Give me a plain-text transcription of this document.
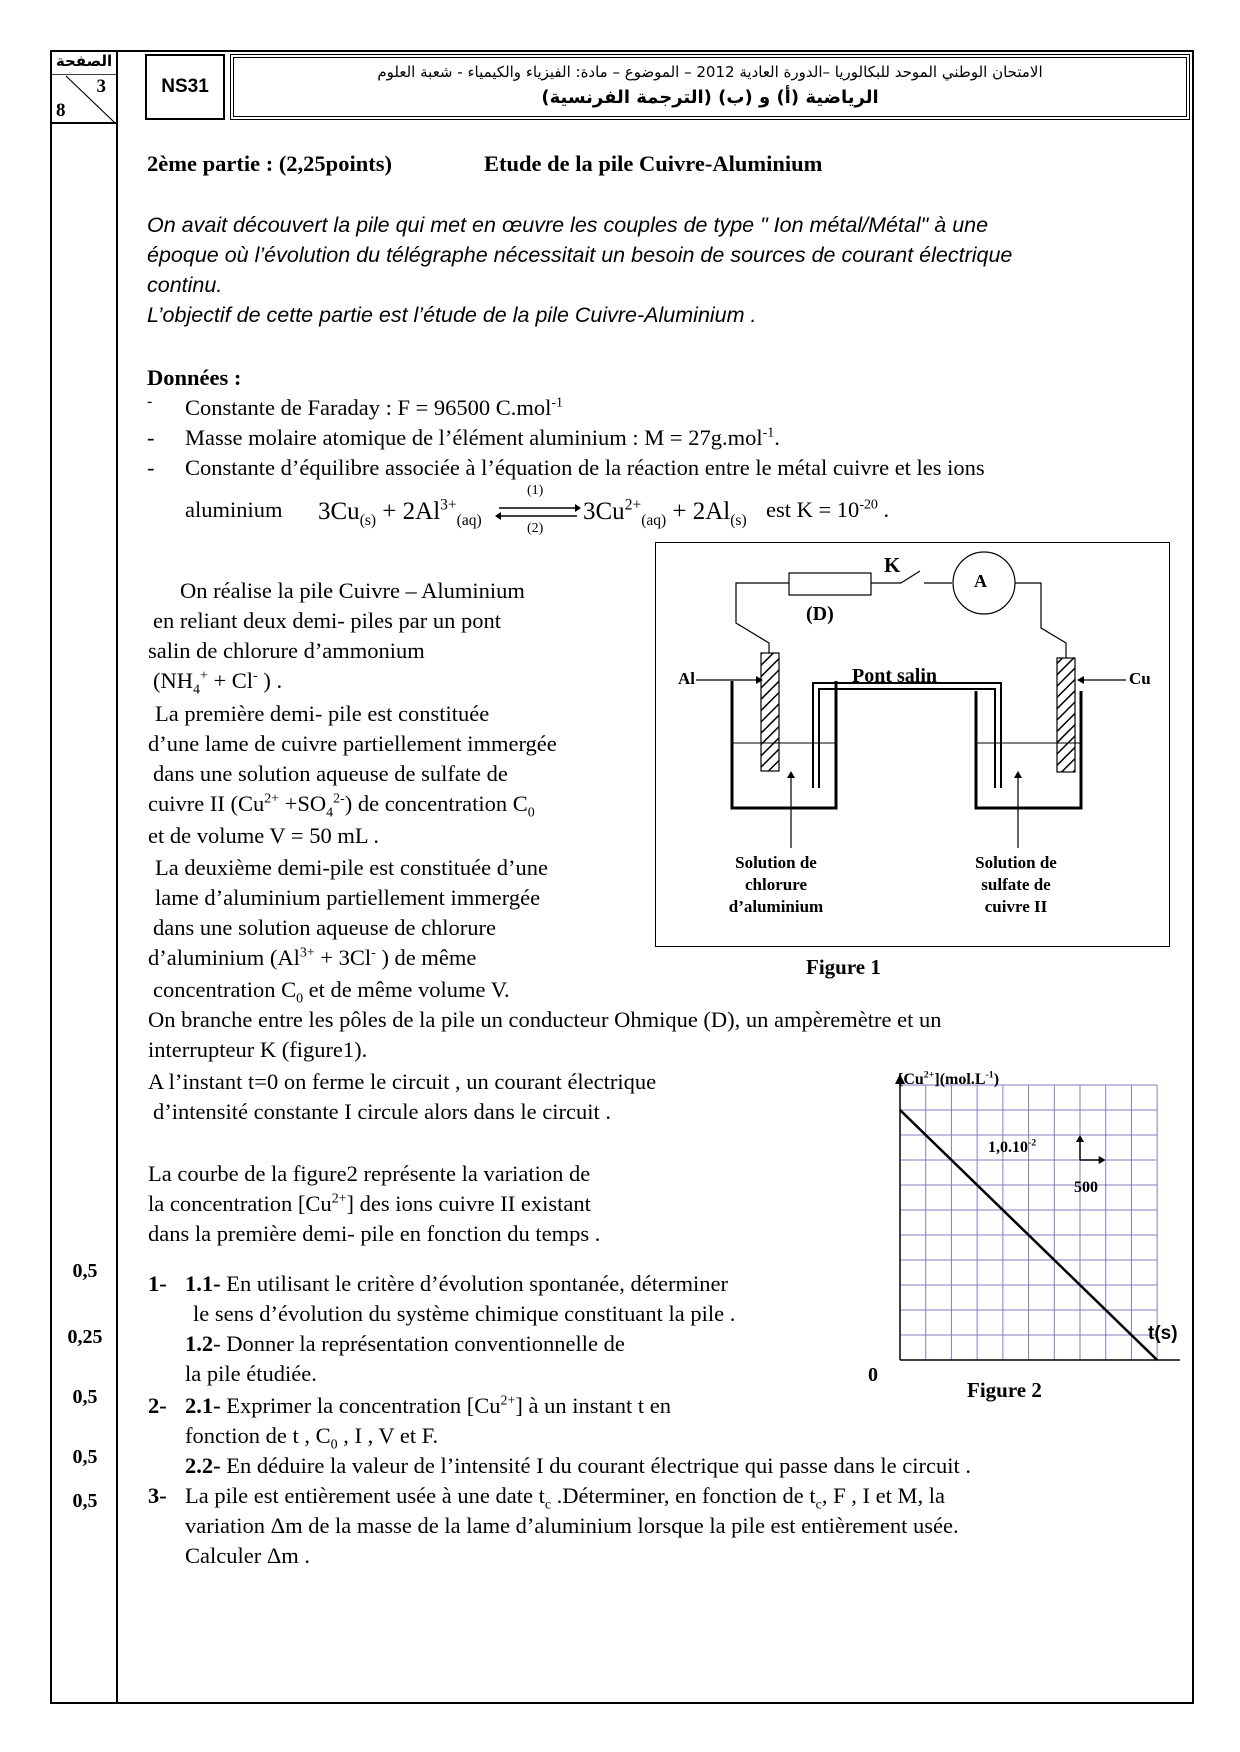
الصفحة
3
8
NS31
الامتحان الوطني الموحد للبكالوريا –الدورة العادية 2012 – الموضوع – مادة: الفيزياء والكيمياء - شعبة العلوم
الرياضية (أ) و (ب) (الترجمة الفرنسية)
2ème partie : (2,25points)	Etude de la pile Cuivre-Aluminium
On avait découvert la pile qui met en œuvre les couples de type " Ion métal/Métal" à une
époque où l’évolution du télégraphe nécessitait un besoin de sources de courant électrique
continu.
L’objectif de cette partie est l’étude de la pile Cuivre-Aluminium .
Données :
- Constante de Faraday : F = 96500 C.mol$^{-1}$
- Masse molaire atomique de l’élément aluminium : M = 27g.mol$^{-1}$.
- Constante d’équilibre associée à l’équation de la réaction entre le métal cuivre et les ions
aluminium $3Cu_{(s)} + 2Al^{3+}_{(aq)}$
(1)
(2)
$3Cu^{2+}_{(aq)} + 2Al_{(s)}$ est $K = 10^{-20}$ .
On réalise la pile Cuivre – Aluminium
en reliant deux demi- piles par un pont
salin de chlorure d’ammonium
($NH_4^+ + Cl^-$ ) .
La première demi- pile est constituée
d’une lame de cuivre partiellement immergée
dans une solution aqueuse de sulfate de
cuivre II $(Cu^{2+} +SO_4^{2-})$ de concentration $C_0$
et de volume V = 50 mL .
La deuxième demi-pile est constituée d’une
lame d’aluminium partiellement immergée
dans une solution aqueuse de chlorure
d’aluminium ($Al^{3+} + 3Cl^-$ ) de même
concentration $C_0$ et de même volume V.
On branche entre les pôles de la pile un conducteur Ohmique (D), un ampèremètre et un
interrupteur K (figure1).
A l’instant t=0 on ferme le circuit , un courant électrique
d’intensité constante I circule alors dans le circuit .
La courbe de la figure2 représente la variation de
la concentration $[Cu^{2+}]$ des ions cuivre II existant
dans la première demi- pile en fonction du temps .
K
A
(D)
Al	Cu
Pont salin
Solution de
chlorure
d’aluminium
Solution de
sulfate de
cuivre II
Figure 1
$[Cu^{2+}](mol.L^{-1})$
t(s)
0
$1,0.10^{-2}$
500
Figure 2
1- 1.1- En utilisant le critère d’évolution spontanée, déterminer
le sens d’évolution du système chimique constituant la pile .
1.2- Donner la représentation conventionnelle de
la pile étudiée.
2- 2.1- Exprimer la concentration $[Cu^{2+}]$ à un instant t en
fonction de t , $C_0$ , I , V et F.
2.2- En déduire la valeur de l’intensité I du courant électrique qui passe dans le circuit .
3- La pile est entièrement usée à une date $t_c$ .Déterminer, en fonction de $t_c$, F , I et M, la
variation Δm de la masse de la lame d’aluminium lorsque la pile est entièrement usée.
Calculer Δm .
0,5
0,25
0,5
0,5
0,5
